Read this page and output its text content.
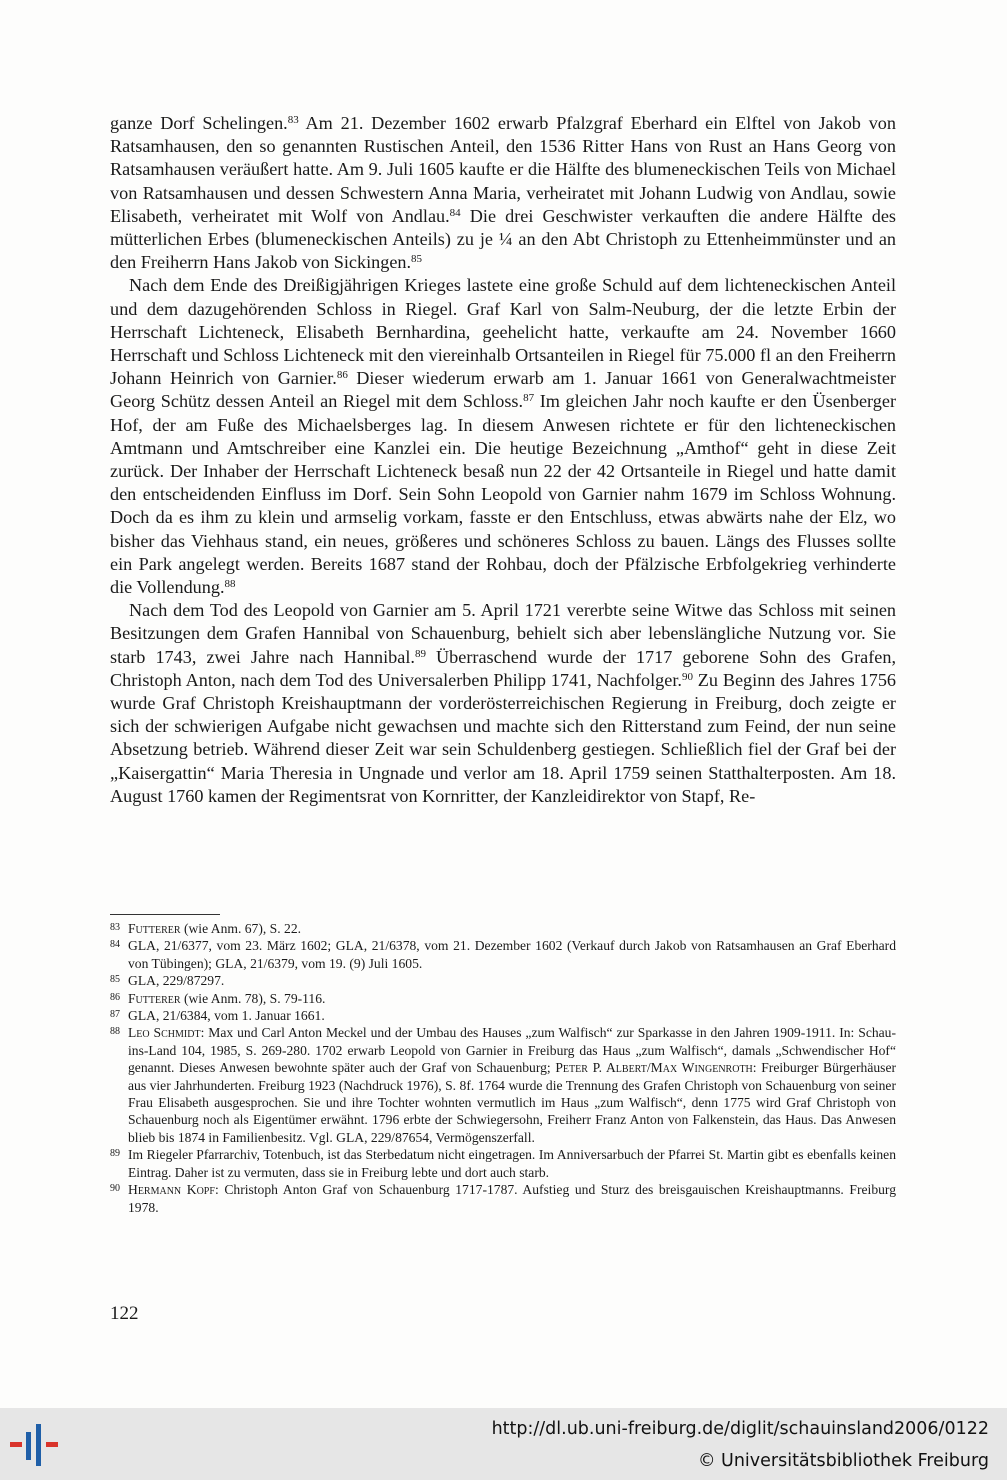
ganze Dorf Schelingen.$^{83}$ Am 21. Dezember 1602 erwarb Pfalzgraf Eberhard ein Elftel von Jakob von Ratsamhausen, den so genannten Rustischen Anteil, den 1536 Ritter Hans von Rust an Hans Georg von Ratsamhausen veräußert hatte. Am 9. Juli 1605 kaufte er die Hälfte des blumeneckischen Teils von Michael von Ratsamhausen und dessen Schwestern Anna Maria, verheiratet mit Johann Ludwig von Andlau, sowie Elisabeth, verheiratet mit Wolf von Andlau.$^{84}$ Die drei Geschwister verkauften die andere Hälfte des mütterlichen Erbes (blumeneckischen Anteils) zu je ¼ an den Abt Christoph zu Ettenheimmünster und an den Freiherrn Hans Jakob von Sickingen.$^{85}$

Nach dem Ende des Dreißigjährigen Krieges lastete eine große Schuld auf dem lichteneckischen Anteil und dem dazugehörenden Schloss in Riegel. Graf Karl von Salm-Neuburg, der die letzte Erbin der Herrschaft Lichteneck, Elisabeth Bernhardina, geehelicht hatte, verkaufte am 24. November 1660 Herrschaft und Schloss Lichteneck mit den viereinhalb Ortsanteilen in Riegel für 75.000 fl an den Freiherrn Johann Heinrich von Garnier.$^{86}$ Dieser wiederum erwarb am 1. Januar 1661 von Generalwachtmeister Georg Schütz dessen Anteil an Riegel mit dem Schloss.$^{87}$ Im gleichen Jahr noch kaufte er den Üsenberger Hof, der am Fuße des Michaelsberges lag. In diesem Anwesen richtete er für den lichteneckischen Amtmann und Amtschreiber eine Kanzlei ein. Die heutige Bezeichnung „Amthof“ geht in diese Zeit zurück. Der Inhaber der Herrschaft Lichteneck besaß nun 22 der 42 Ortsanteile in Riegel und hatte damit den entscheidenden Einfluss im Dorf. Sein Sohn Leopold von Garnier nahm 1679 im Schloss Wohnung. Doch da es ihm zu klein und armselig vorkam, fasste er den Entschluss, etwas abwärts nahe der Elz, wo bisher das Viehhaus stand, ein neues, größeres und schöneres Schloss zu bauen. Längs des Flusses sollte ein Park angelegt werden. Bereits 1687 stand der Rohbau, doch der Pfälzische Erbfolgekrieg verhinderte die Vollendung.$^{88}$

Nach dem Tod des Leopold von Garnier am 5. April 1721 vererbte seine Witwe das Schloss mit seinen Besitzungen dem Grafen Hannibal von Schauenburg, behielt sich aber lebenslängliche Nutzung vor. Sie starb 1743, zwei Jahre nach Hannibal.$^{89}$ Überraschend wurde der 1717 geborene Sohn des Grafen, Christoph Anton, nach dem Tod des Universalerben Philipp 1741, Nachfolger.$^{90}$ Zu Beginn des Jahres 1756 wurde Graf Christoph Kreishauptmann der vorderösterreichischen Regierung in Freiburg, doch zeigte er sich der schwierigen Aufgabe nicht gewachsen und machte sich den Ritterstand zum Feind, der nun seine Absetzung betrieb. Während dieser Zeit war sein Schuldenberg gestiegen. Schließlich fiel der Graf bei der „Kaisergattin“ Maria Theresia in Ungnade und verlor am 18. April 1759 seinen Statthalterposten. Am 18. August 1760 kamen der Regimentsrat von Kornritter, der Kanzleidirektor von Stapf, Re-

83 Futterer (wie Anm. 67), S. 22.

84 GLA, 21/6377, vom 23. März 1602; GLA, 21/6378, vom 21. Dezember 1602 (Verkauf durch Jakob von Ratsamhausen an Graf Eberhard von Tübingen); GLA, 21/6379, vom 19. (9) Juli 1605.

85 GLA, 229/87297.

86 Futterer (wie Anm. 78), S. 79-116.

87 GLA, 21/6384, vom 1. Januar 1661.

88 Leo Schmidt: Max und Carl Anton Meckel und der Umbau des Hauses „zum Walfisch“ zur Sparkasse in den Jahren 1909-1911. In: Schau-ins-Land 104, 1985, S. 269-280. 1702 erwarb Leopold von Garnier in Freiburg das Haus „zum Walfisch“, damals „Schwendischer Hof“ genannt. Dieses Anwesen bewohnte später auch der Graf von Schauenburg; Peter P. Albert/Max Wingenroth: Freiburger Bürgerhäuser aus vier Jahrhunderten. Freiburg 1923 (Nachdruck 1976), S. 8f. 1764 wurde die Trennung des Grafen Christoph von Schauenburg von seiner Frau Elisabeth ausgesprochen. Sie und ihre Tochter wohnten vermutlich im Haus „zum Walfisch“, denn 1775 wird Graf Christoph von Schauenburg noch als Eigentümer erwähnt. 1796 erbte der Schwiegersohn, Freiherr Franz Anton von Falkenstein, das Haus. Das Anwesen blieb bis 1874 in Familienbesitz. Vgl. GLA, 229/87654, Vermögenszerfall.

89 Im Riegeler Pfarrarchiv, Totenbuch, ist das Sterbedatum nicht eingetragen. Im Anniversarbuch der Pfarrei St. Martin gibt es ebenfalls keinen Eintrag. Daher ist zu vermuten, dass sie in Freiburg lebte und dort auch starb.

90 Hermann Kopf: Christoph Anton Graf von Schauenburg 1717-1787. Aufstieg und Sturz des breisgauischen Kreishauptmanns. Freiburg 1978.

122
http://dl.ub.uni-freiburg.de/diglit/schauinsland2006/0122
© Universitätsbibliothek Freiburg
